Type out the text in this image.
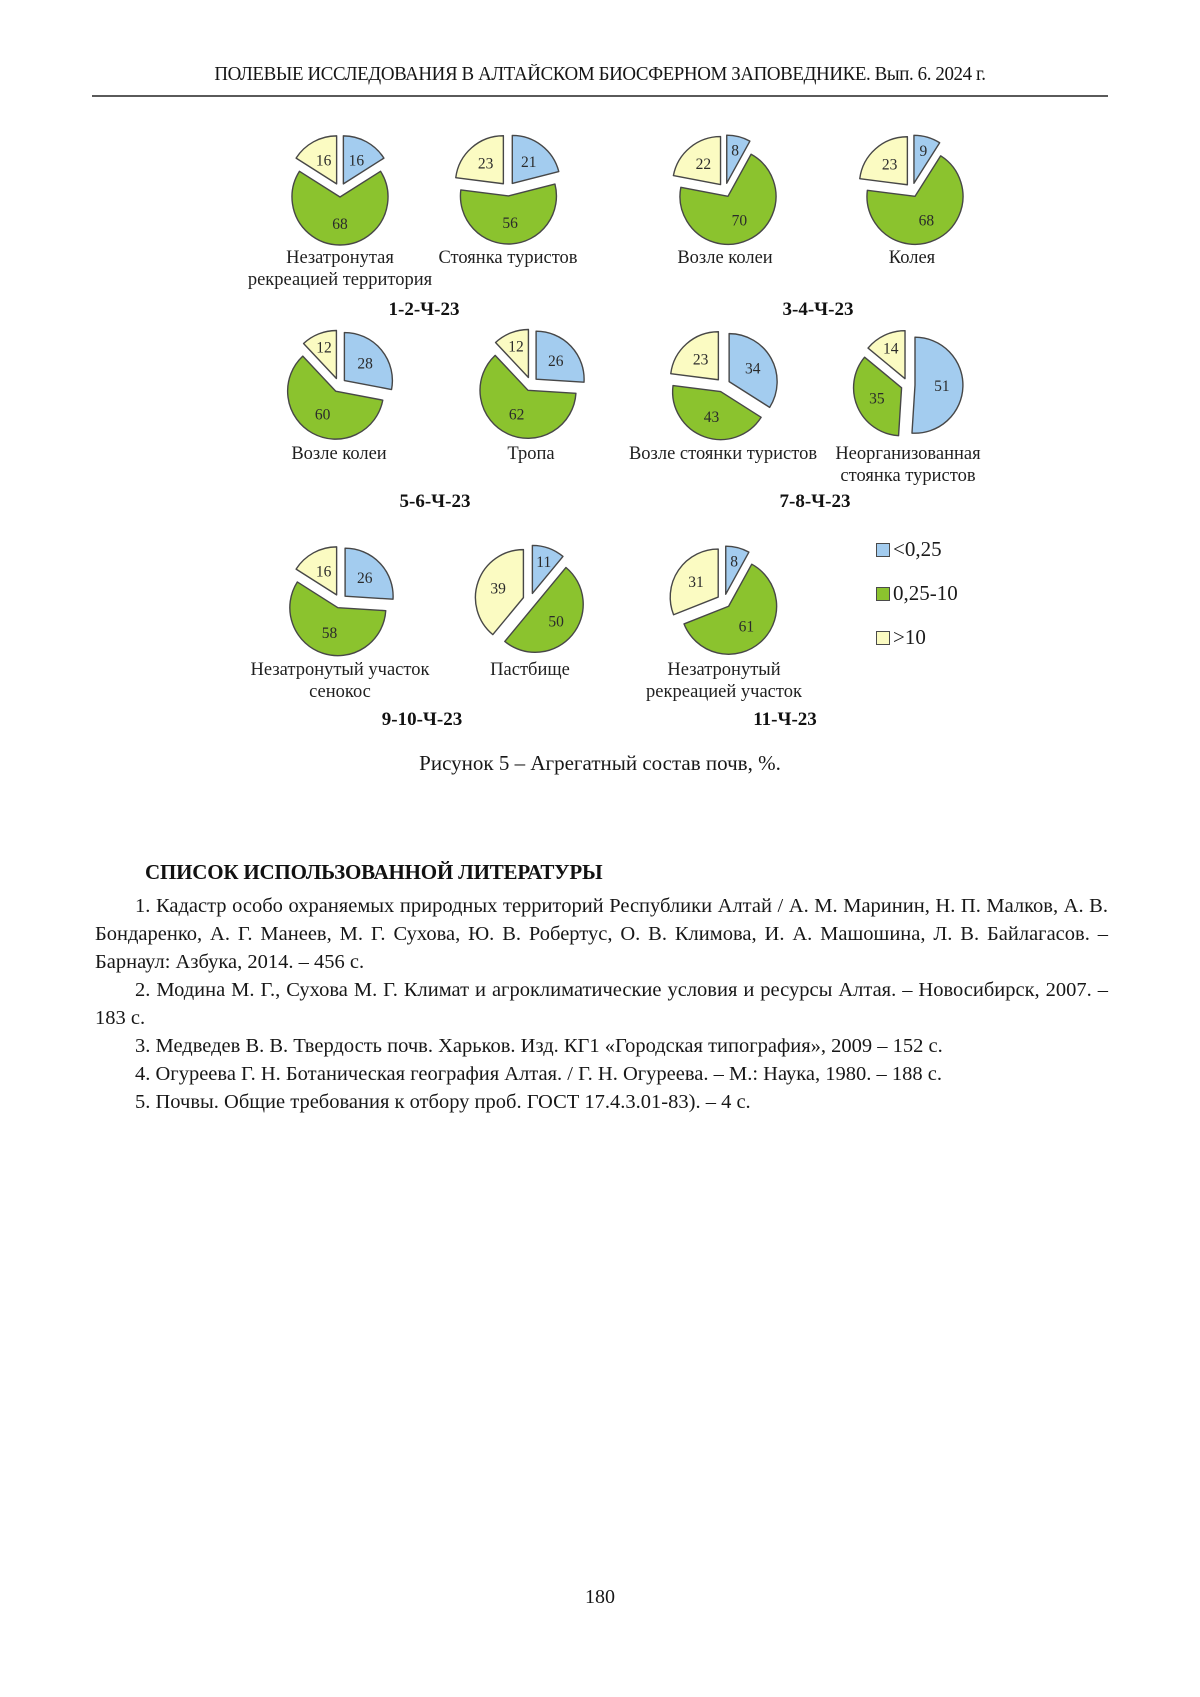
ПОЛЕВЫЕ ИССЛЕДОВАНИЯ В АЛТАЙСКОМ БИОСФЕРНОМ ЗАПОВЕДНИКЕ. Вып. 6. 2024 г.
16
68
16	21
56
23
8
70
22
9
68
23
Незатронутая рекреацией территория
Стоянка туристов	Возле колеи	Колея
1-2-Ч-23	3-4-Ч-23
28
60
12
26
62
12
34
43
23
51
35
14
Возле колеи	Тропа	Возле стоянки туристов Неорганизованная стоянка туристов
5-6-Ч-23	7-8-Ч-23
26
58
16
11
50
39
8
61
31
Незатронутый участок сенокос
Пастбище	Незатронутый рекреацией участок
9-10-Ч-23	11-Ч-23
<0,25
0,25-10
>10
Рисунок 5 – Агрегатный состав почв, %.

СПИСОК ИСПОЛЬЗОВАННОЙ ЛИТЕРАТУРЫ

1. Кадастр особо охраняемых природных территорий Республики Алтай / А. М. Маринин, Н. П. Малков, А. В. Бондаренко, А. Г. Манеев, М. Г. Сухова, Ю. В. Робертус, О. В. Климова, И. А. Машошина, Л. В. Байлагасов. – Барнаул: Азбука, 2014. – 456 с.

2. Модина М. Г., Сухова М. Г. Климат и агроклиматические условия и ресурсы Алтая. – Новосибирск, 2007. – 183 с.

3. Медведев В. В. Твердость почв. Харьков. Изд. КГ1 «Городская типография», 2009 – 152 с.

4. Огуреева Г. Н. Ботаническая география Алтая. / Г. Н. Огуреева. – М.: Наука, 1980. – 188 с.

5. Почвы. Общие требования к отбору проб. ГОСТ 17.4.3.01-83). – 4 с.

180
